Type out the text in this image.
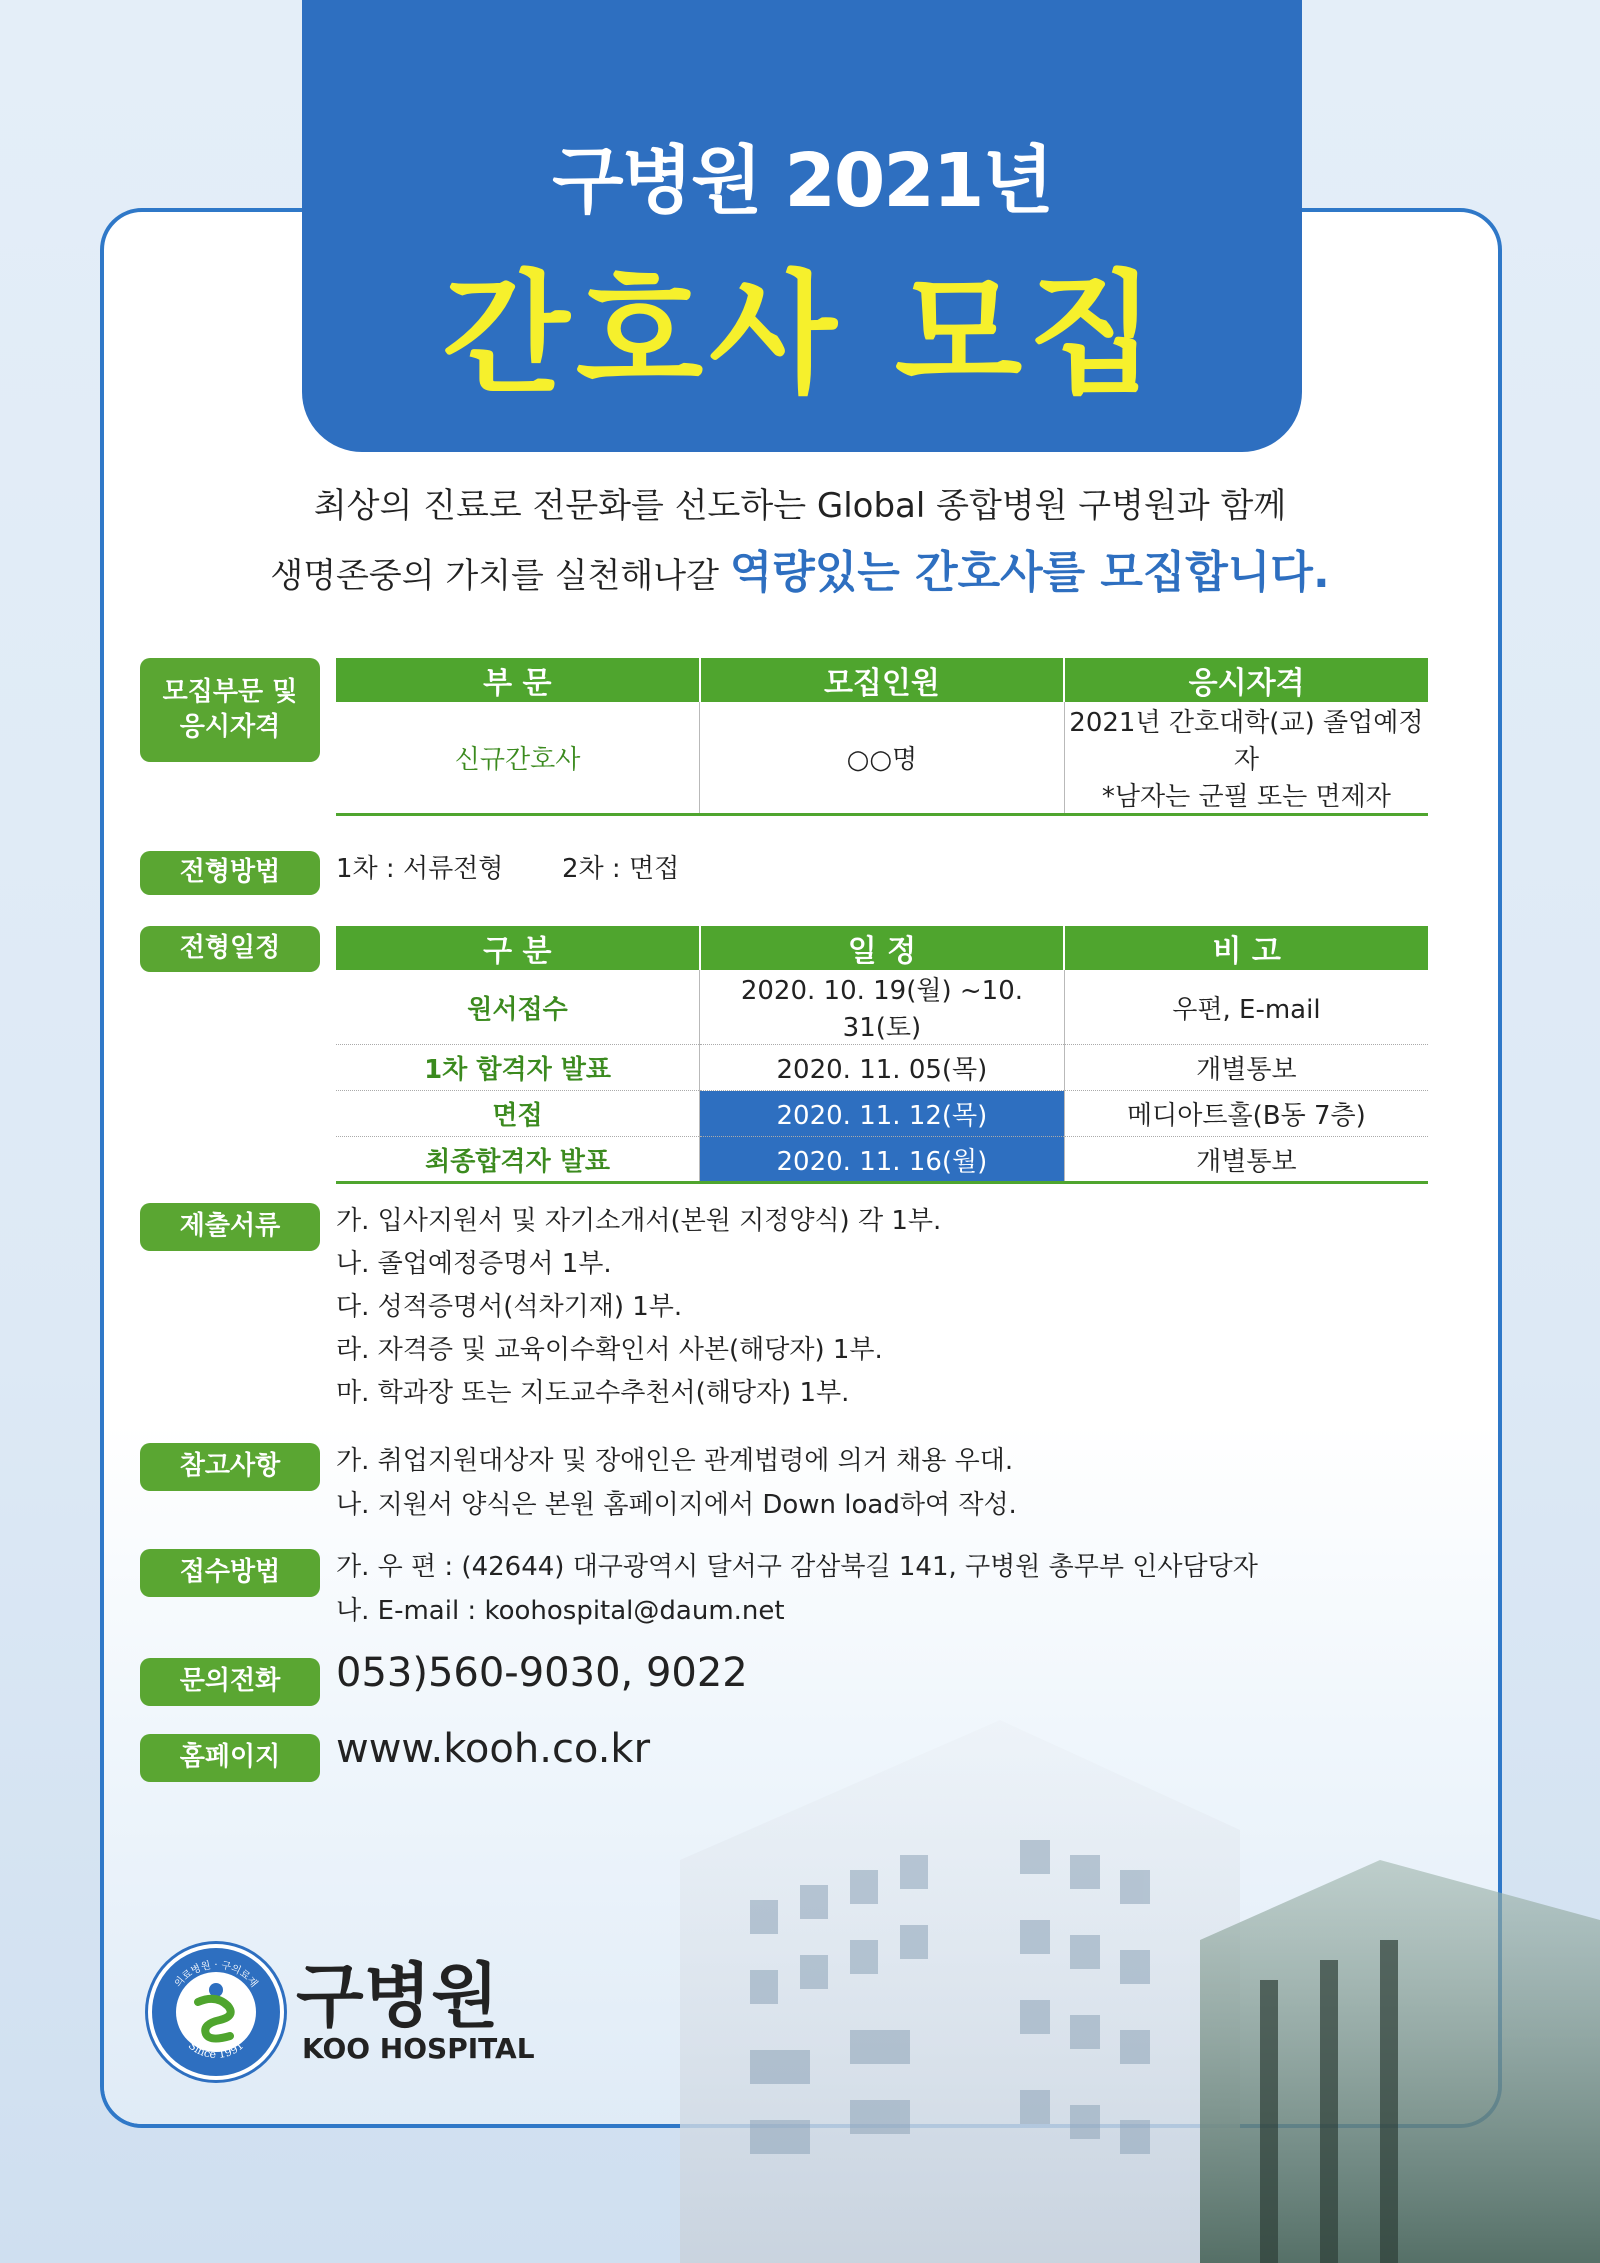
구병원 2021년
간호사 모집
최상의 진료로 전문화를 선도하는 Global 종합병원 구병원과 함께
생명존중의 가치를 실천해나갈 역량있는 간호사를 모집합니다.
모집부문 및
응시자격
부 문	모집인원	응시자격
신규간호사	○○명	2021년 간호대학(교) 졸업예정자
*남자는 군필 또는 면제자
전형방법	1차 : 서류전형 2차 : 면접
전형일정	구 분	일 정	비 고
원서접수	2020. 10. 19(월) ~10. 31(토)	우편, E-mail
1차 합격자 발표	2020. 11. 05(목)	개별통보
면접	2020. 11. 12(목)	메디아트홀(B동 7층)
최종합격자 발표	2020. 11. 16(월)	개별통보
제출서류	가. 입사지원서 및 자기소개서(본원 지정양식) 각 1부.
나. 졸업예정증명서 1부.
다. 성적증명서(석차기재) 1부.
라. 자격증 및 교육이수확인서 사본(해당자) 1부.
마. 학과장 또는 지도교수추천서(해당자) 1부.
참고사항	가. 취업지원대상자 및 장애인은 관계법령에 의거 채용 우대.
나. 지원서 양식은 본원 홈페이지에서 Down load하여 작성.
접수방법	가. 우 편 : (42644) 대구광역시 달서구 감삼북길 141, 구병원 총무부 인사담당자
나. E-mail : koohospital@daum.net
문의전화	053)560-9030, 9022
홈페이지	www.kooh.co.kr
의료병원 · 구의료재
Since 1991
구병원
KOO HOSPITAL
